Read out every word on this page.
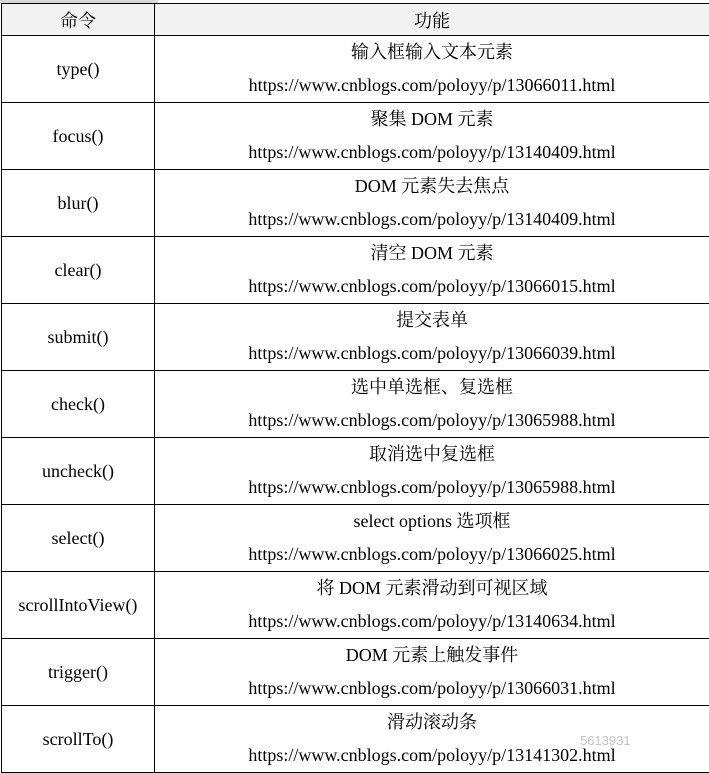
命令	功能
type()	输入框输入文本元素
https://www.cnblogs.com/poloyy/p/13066011.html

focus()	聚集 DOM 元素
https://www.cnblogs.com/poloyy/p/13140409.html

blur()	DOM 元素失去焦点
https://www.cnblogs.com/poloyy/p/13140409.html

clear()	清空 DOM 元素
https://www.cnblogs.com/poloyy/p/13066015.html

submit()	提交表单
https://www.cnblogs.com/poloyy/p/13066039.html

check()	选中单选框、复选框
https://www.cnblogs.com/poloyy/p/13065988.html

uncheck()	取消选中复选框
https://www.cnblogs.com/poloyy/p/13065988.html

select()	select options 选项框
https://www.cnblogs.com/poloyy/p/13066025.html

scrollIntoView()	将 DOM 元素滑动到可视区域
https://www.cnblogs.com/poloyy/p/13140634.html

trigger()	DOM 元素上触发事件
https://www.cnblogs.com/poloyy/p/13066031.html

scrollTo()	滑动滚动条
https://www.cnblogs.com/poloyy/p/13141302.html
5613931
